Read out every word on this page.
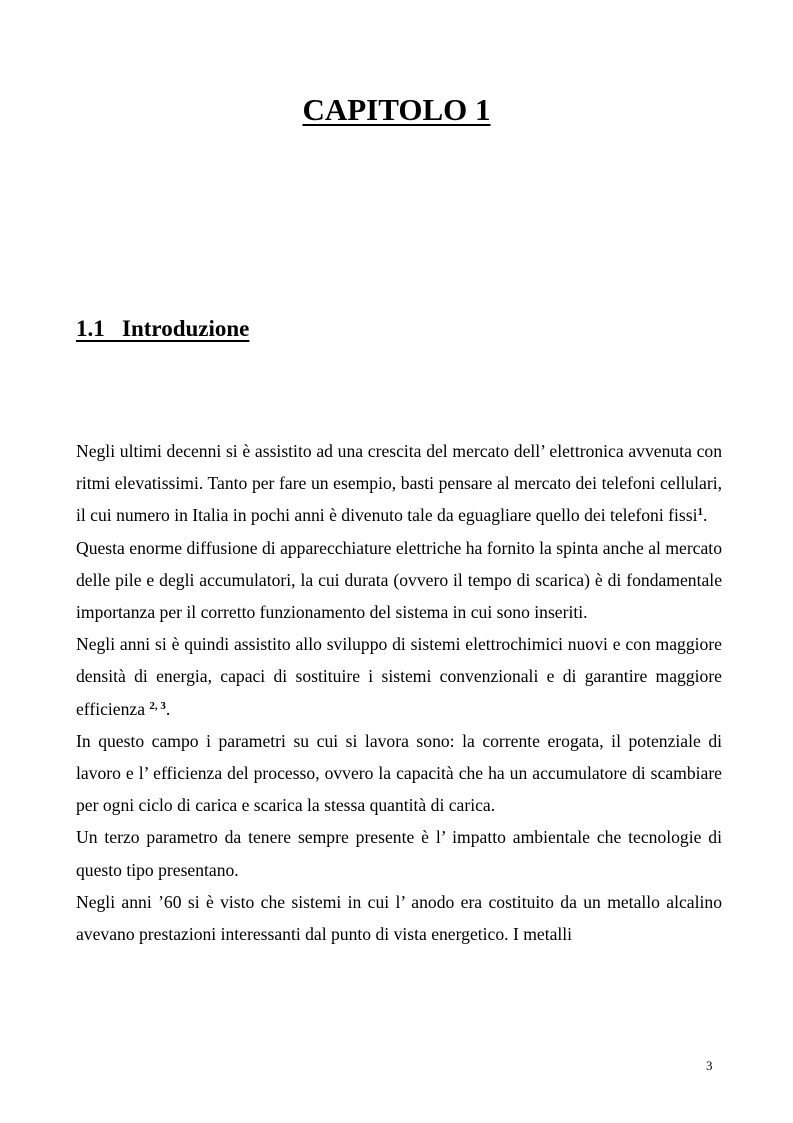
CAPITOLO 1
1.1   Introduzione

Negli ultimi decenni si è assistito ad una crescita del mercato dell’ elettronica avvenuta con ritmi elevatissimi. Tanto per fare un esempio, basti pensare al mercato dei telefoni cellulari, il cui numero in Italia in pochi anni è divenuto tale da eguagliare quello dei telefoni fissi$^1$.

Questa enorme diffusione di apparecchiature elettriche ha fornito la spinta anche al mercato delle pile e degli accumulatori, la cui durata (ovvero il tempo di scarica) è di fondamentale importanza per il corretto funzionamento del sistema in cui sono inseriti.

Negli anni si è quindi assistito allo sviluppo di sistemi elettrochimici nuovi e con maggiore densità di energia, capaci di sostituire i sistemi convenzionali e di garantire maggiore efficienza $^{2, 3}$.

In questo campo i parametri su cui si lavora sono: la corrente erogata, il potenziale di lavoro e l’ efficienza del processo, ovvero la capacità che ha un accumulatore di scambiare per ogni ciclo di carica e scarica la stessa quantità di carica.

Un terzo parametro da tenere sempre presente è l’ impatto ambientale che tecnologie di questo tipo presentano.

Negli anni ’60 si è visto che sistemi in cui l’ anodo era costituito da un metallo alcalino avevano prestazioni interessanti dal punto di vista energetico. I metalli

3
